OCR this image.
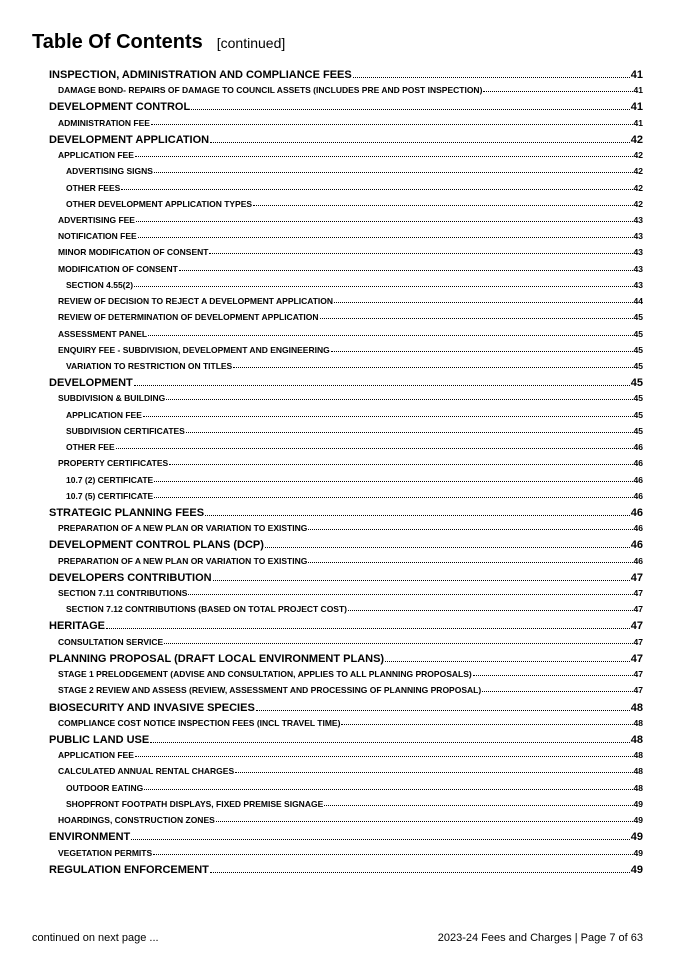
Table Of Contents [continued]
INSPECTION, ADMINISTRATION AND COMPLIANCE FEES	41
DAMAGE BOND- REPAIRS OF DAMAGE TO COUNCIL ASSETS (INCLUDES PRE AND POST INSPECTION)	41
DEVELOPMENT CONTROL	41
ADMINISTRATION FEE	41
DEVELOPMENT APPLICATION	42
APPLICATION FEE	42
ADVERTISING SIGNS	42
OTHER FEES	42
OTHER DEVELOPMENT APPLICATION TYPES	42
ADVERTISING FEE	43
NOTIFICATION FEE	43
MINOR MODIFICATION OF CONSENT	43
MODIFICATION OF CONSENT	43
SECTION 4.55(2)	43
REVIEW OF DECISION TO REJECT A DEVELOPMENT APPLICATION	44
REVIEW OF DETERMINATION OF DEVELOPMENT APPLICATION	45
ASSESSMENT PANEL	45
ENQUIRY FEE - SUBDIVISION, DEVELOPMENT AND ENGINEERING	45
VARIATION TO RESTRICTION ON TITLES	45
DEVELOPMENT	45
SUBDIVISION & BUILDING	45
APPLICATION FEE	45
SUBDIVISION CERTIFICATES	45
OTHER FEE	46
PROPERTY CERTIFICATES	46
10.7 (2) CERTIFICATE	46
10.7 (5) CERTIFICATE	46
STRATEGIC PLANNING FEES	46
PREPARATION OF A NEW PLAN OR VARIATION TO EXISTING	46
DEVELOPMENT CONTROL PLANS (DCP)	46
PREPARATION OF A NEW PLAN OR VARIATION TO EXISTING	46
DEVELOPERS CONTRIBUTION	47
SECTION 7.11 CONTRIBUTIONS	47
SECTION 7.12 CONTRIBUTIONS (BASED ON TOTAL PROJECT COST)	47
HERITAGE	47
CONSULTATION SERVICE	47
PLANNING PROPOSAL (DRAFT LOCAL ENVIRONMENT PLANS)	47
STAGE 1 PRELODGEMENT (ADVISE AND CONSULTATION, APPLIES TO ALL PLANNING PROPOSALS)	47
STAGE 2 REVIEW AND ASSESS (REVIEW, ASSESSMENT AND PROCESSING OF PLANNING PROPOSAL)	47
BIOSECURITY AND INVASIVE SPECIES	48
COMPLIANCE COST NOTICE INSPECTION FEES (INCL TRAVEL TIME)	48
PUBLIC LAND USE	48
APPLICATION FEE	48
CALCULATED ANNUAL RENTAL CHARGES	48
OUTDOOR EATING	48
SHOPFRONT FOOTPATH DISPLAYS, FIXED PREMISE SIGNAGE	49
HOARDINGS, CONSTRUCTION ZONES	49
ENVIRONMENT	49
VEGETATION PERMITS	49
REGULATION ENFORCEMENT	49
continued on next page ...	2023-24 Fees and Charges | Page 7 of 63
